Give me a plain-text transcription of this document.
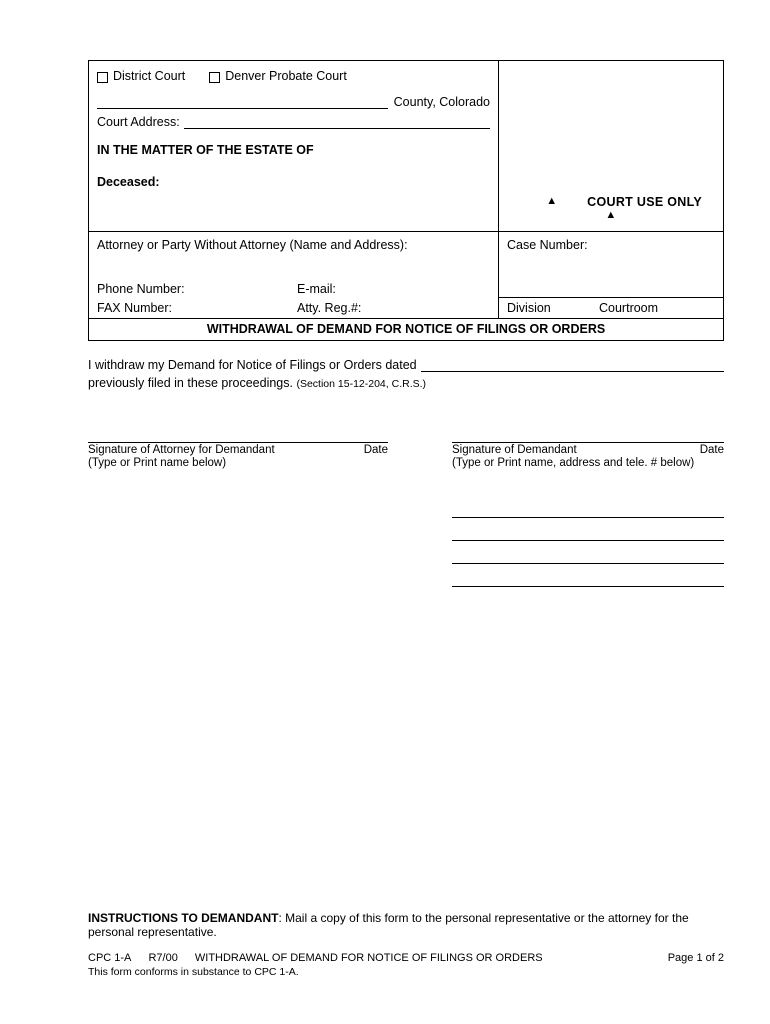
District Court	Denver Probate Court
County, Colorado
Court Address:
IN THE MATTER OF THE ESTATE OF
Deceased:
▲ COURT USE ONLY ▲
Attorney or Party Without Attorney (Name and Address):
Phone Number:	E-mail:
FAX Number:	Atty. Reg.#:
Case Number:
Division	Courtroom
WITHDRAWAL OF DEMAND FOR NOTICE OF FILINGS OR ORDERS
I withdraw my Demand for Notice of Filings or Orders dated
previously filed in these proceedings. (Section 15-12-204, C.R.S.)
Signature of Attorney for Demandant	Date
(Type or Print name below)
Signature of Demandant	Date
(Type or Print name, address and tele. # below)
INSTRUCTIONS TO DEMANDANT: Mail a copy of this form to the personal representative or the attorney for the personal representative.
CPC 1-A R7/00 WITHDRAWAL OF DEMAND FOR NOTICE OF FILINGS OR ORDERS	Page 1 of 2
This form conforms in substance to CPC 1-A.
